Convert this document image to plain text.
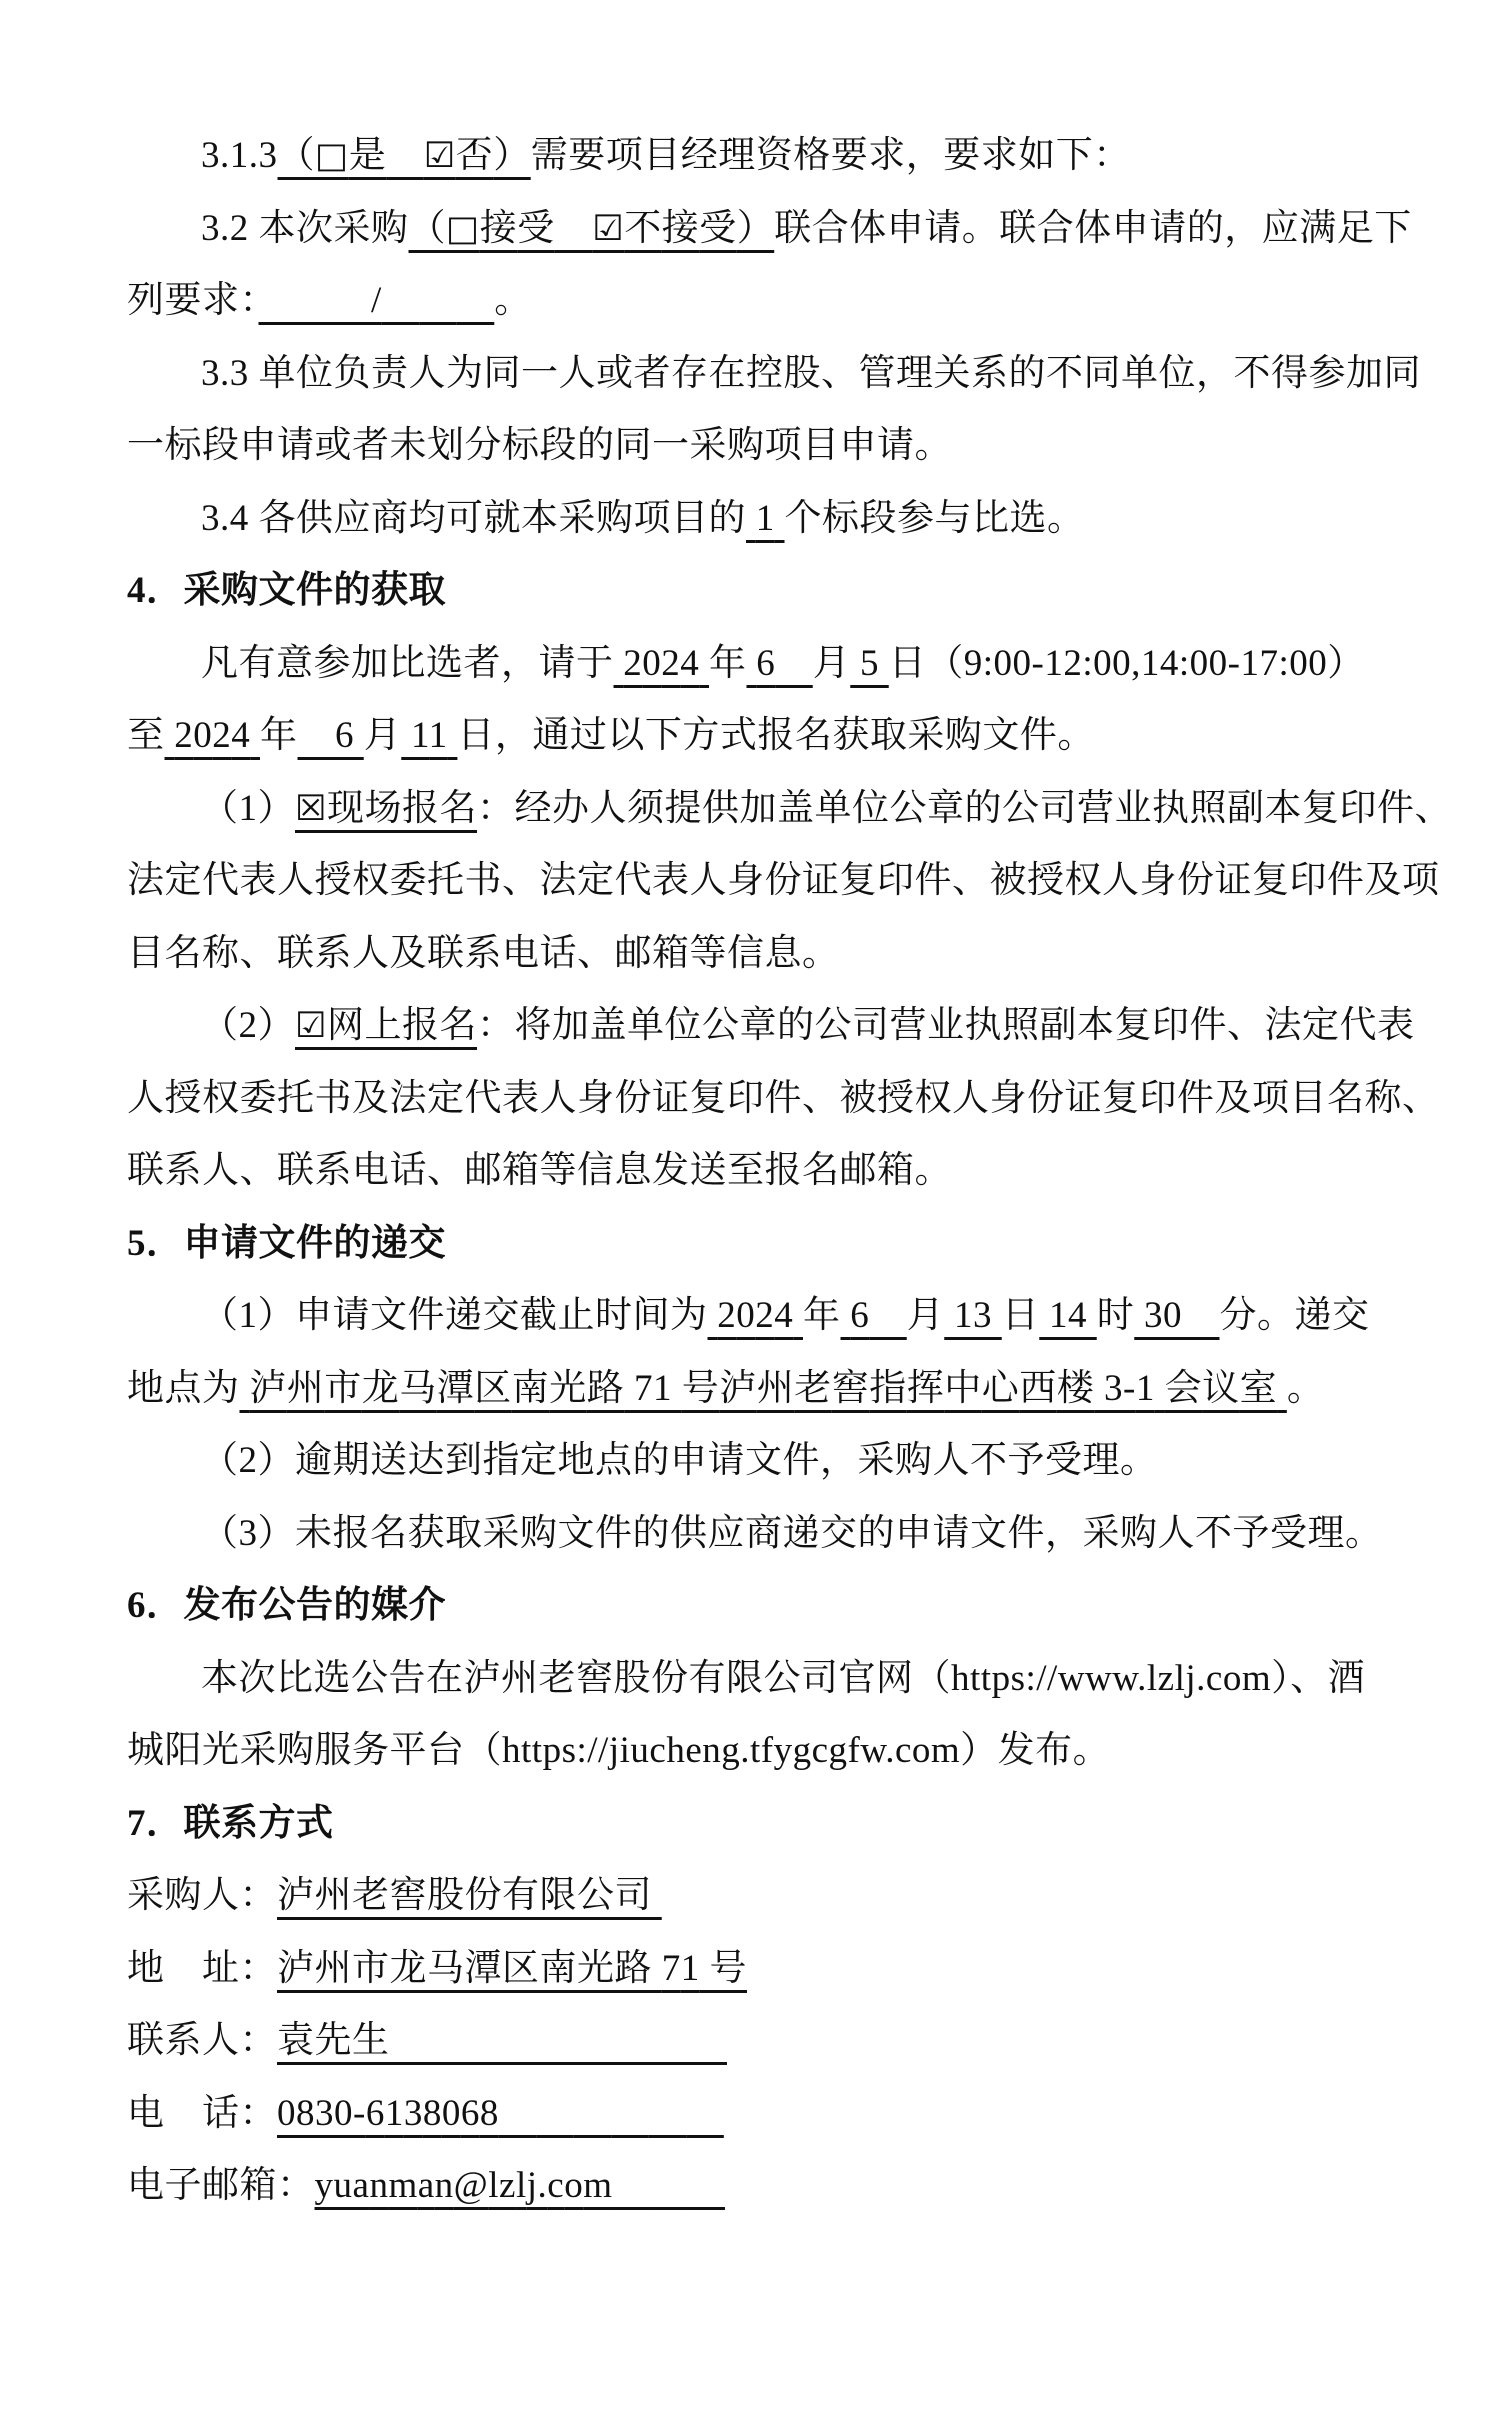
3.1.3（□是　 ☑否）需要项目经理资格要求，要求如下：
3.2 本次采购（□接受　 ☑不接受）联合体申请。联合体申请的，应满足下
列要求：　　　	/　　　	。
3.3 单位负责人为同一人或者存在控股、管理关系的不同单位，不得参加同
一标段申请或者未划分标段的同一采购项目申请。
3.4 各供应商均可就本采购项目的 1 个标段参与比选。
4．采购文件的获取
凡有意参加比选者，请于 2024 年 6　 月 5 日（9:00-12:00,14:00-17:00）
至 2024 年　 6 月 11 日，通过以下方式报名获取采购文件。
（1）☒现场报名：经办人须提供加盖单位公章的公司营业执照副本复印件、
法定代表人授权委托书、法定代表人身份证复印件、被授权人身份证复印件及项
目名称、联系人及联系电话、邮箱等信息。
（2）☑网上报名：将加盖单位公章的公司营业执照副本复印件、法定代表
人授权委托书及法定代表人身份证复印件、被授权人身份证复印件及项目名称、
联系人、联系电话、邮箱等信息发送至报名邮箱。
5．申请文件的递交
（1）申请文件递交截止时间为 2024 年 6　 月 13 日 14 时 30　 分。递交
地点为 泸州市龙马潭区南光路 71 号泸州老窖指挥中心西楼 3-1 会议室 。
（2）逾期送达到指定地点的申请文件，采购人不予受理。
（3）未报名获取采购文件的供应商递交的申请文件，采购人不予受理。
6．发布公告的媒介
本次比选公告在泸州老窖股份有限公司官网（https://www.lzlj.com）、酒
城阳光采购服务平台（https://jiucheng.tfygcgfw.com）发布。
7．联系方式
采购人：泸州老窖股份有限公司
地　 址：泸州市龙马潭区南光路 71 号
联系人：袁先生　　　　　　　　　
电　 话：0830-6138068　　　　　　
电子邮箱：yuanman@lzlj.com　　　
